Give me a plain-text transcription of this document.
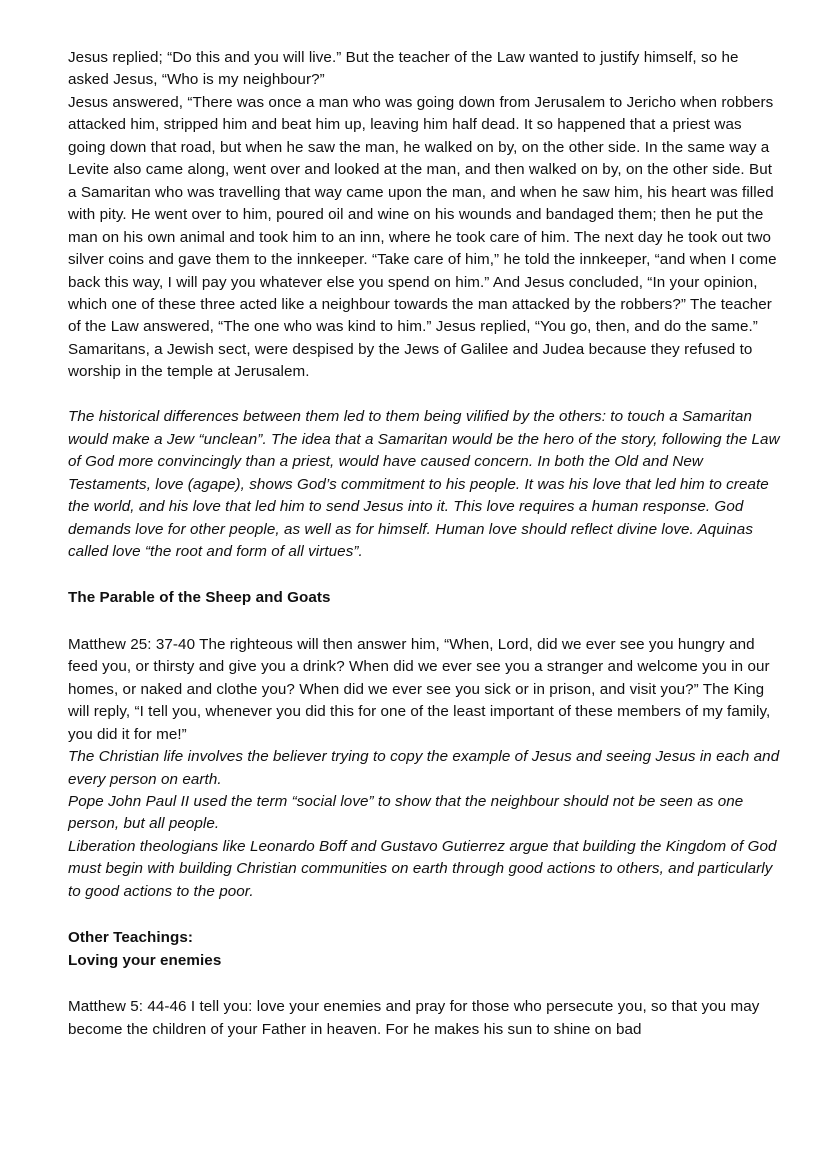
Jesus replied; “Do this and you will live.” But the teacher of the Law wanted to justify himself, so he asked Jesus, “Who is my neighbour?”

Jesus answered, “There was once a man who was going down from Jerusalem to Jericho when robbers attacked him, stripped him and beat him up, leaving him half dead. It so happened that a priest was going down that road, but when he saw the man, he walked on by, on the other side. In the same way a Levite also came along, went over and looked at the man, and then walked on by, on the other side. But a Samaritan who was travelling that way came upon the man, and when he saw him, his heart was filled with pity. He went over to him, poured oil and wine on his wounds and bandaged them; then he put the man on his own animal and took him to an inn, where he took care of him. The next day he took out two silver coins and gave them to the innkeeper. “Take care of him,” he told the innkeeper, “and when I come back this way, I will pay you whatever else you spend on him.” And Jesus concluded, “In your opinion, which one of these three acted like a neighbour towards the man attacked by the robbers?” The teacher of the Law answered, “The one who was kind to him.” Jesus replied, “You go, then, and do the same.”

Samaritans, a Jewish sect, were despised by the Jews of Galilee and Judea because they refused to worship in the temple at Jerusalem.

The historical differences between them led to them being vilified by the others: to touch a Samaritan would make a Jew “unclean”. The idea that a Samaritan would be the hero of the story, following the Law of God more convincingly than a priest, would have caused concern. In both the Old and New Testaments, love (agape), shows God’s commitment to his people. It was his love that led him to create the world, and his love that led him to send Jesus into it. This love requires a human response. God demands love for other people, as well as for himself. Human love should reflect divine love. Aquinas called love “the root and form of all virtues”.

The Parable of the Sheep and Goats

Matthew 25: 37-40 The righteous will then answer him, “When, Lord, did we ever see you hungry and feed you, or thirsty and give you a drink? When did we ever see you a stranger and welcome you in our homes, or naked and clothe you? When did we ever see you sick or in prison, and visit you?” The King will reply, “I tell you, whenever you did this for one of the least important of these members of my family, you did it for me!”

The Christian life involves the believer trying to copy the example of Jesus and seeing Jesus in each and every person on earth.

Pope John Paul II used the term “social love” to show that the neighbour should not be seen as one person, but all people.

Liberation theologians like Leonardo Boff and Gustavo Gutierrez argue that building the Kingdom of God must begin with building Christian communities on earth through good actions to others, and particularly to good actions to the poor.

Other Teachings:

Loving your enemies

Matthew 5: 44-46 I tell you: love your enemies and pray for those who persecute you, so that you may become the children of your Father in heaven. For he makes his sun to shine on bad
